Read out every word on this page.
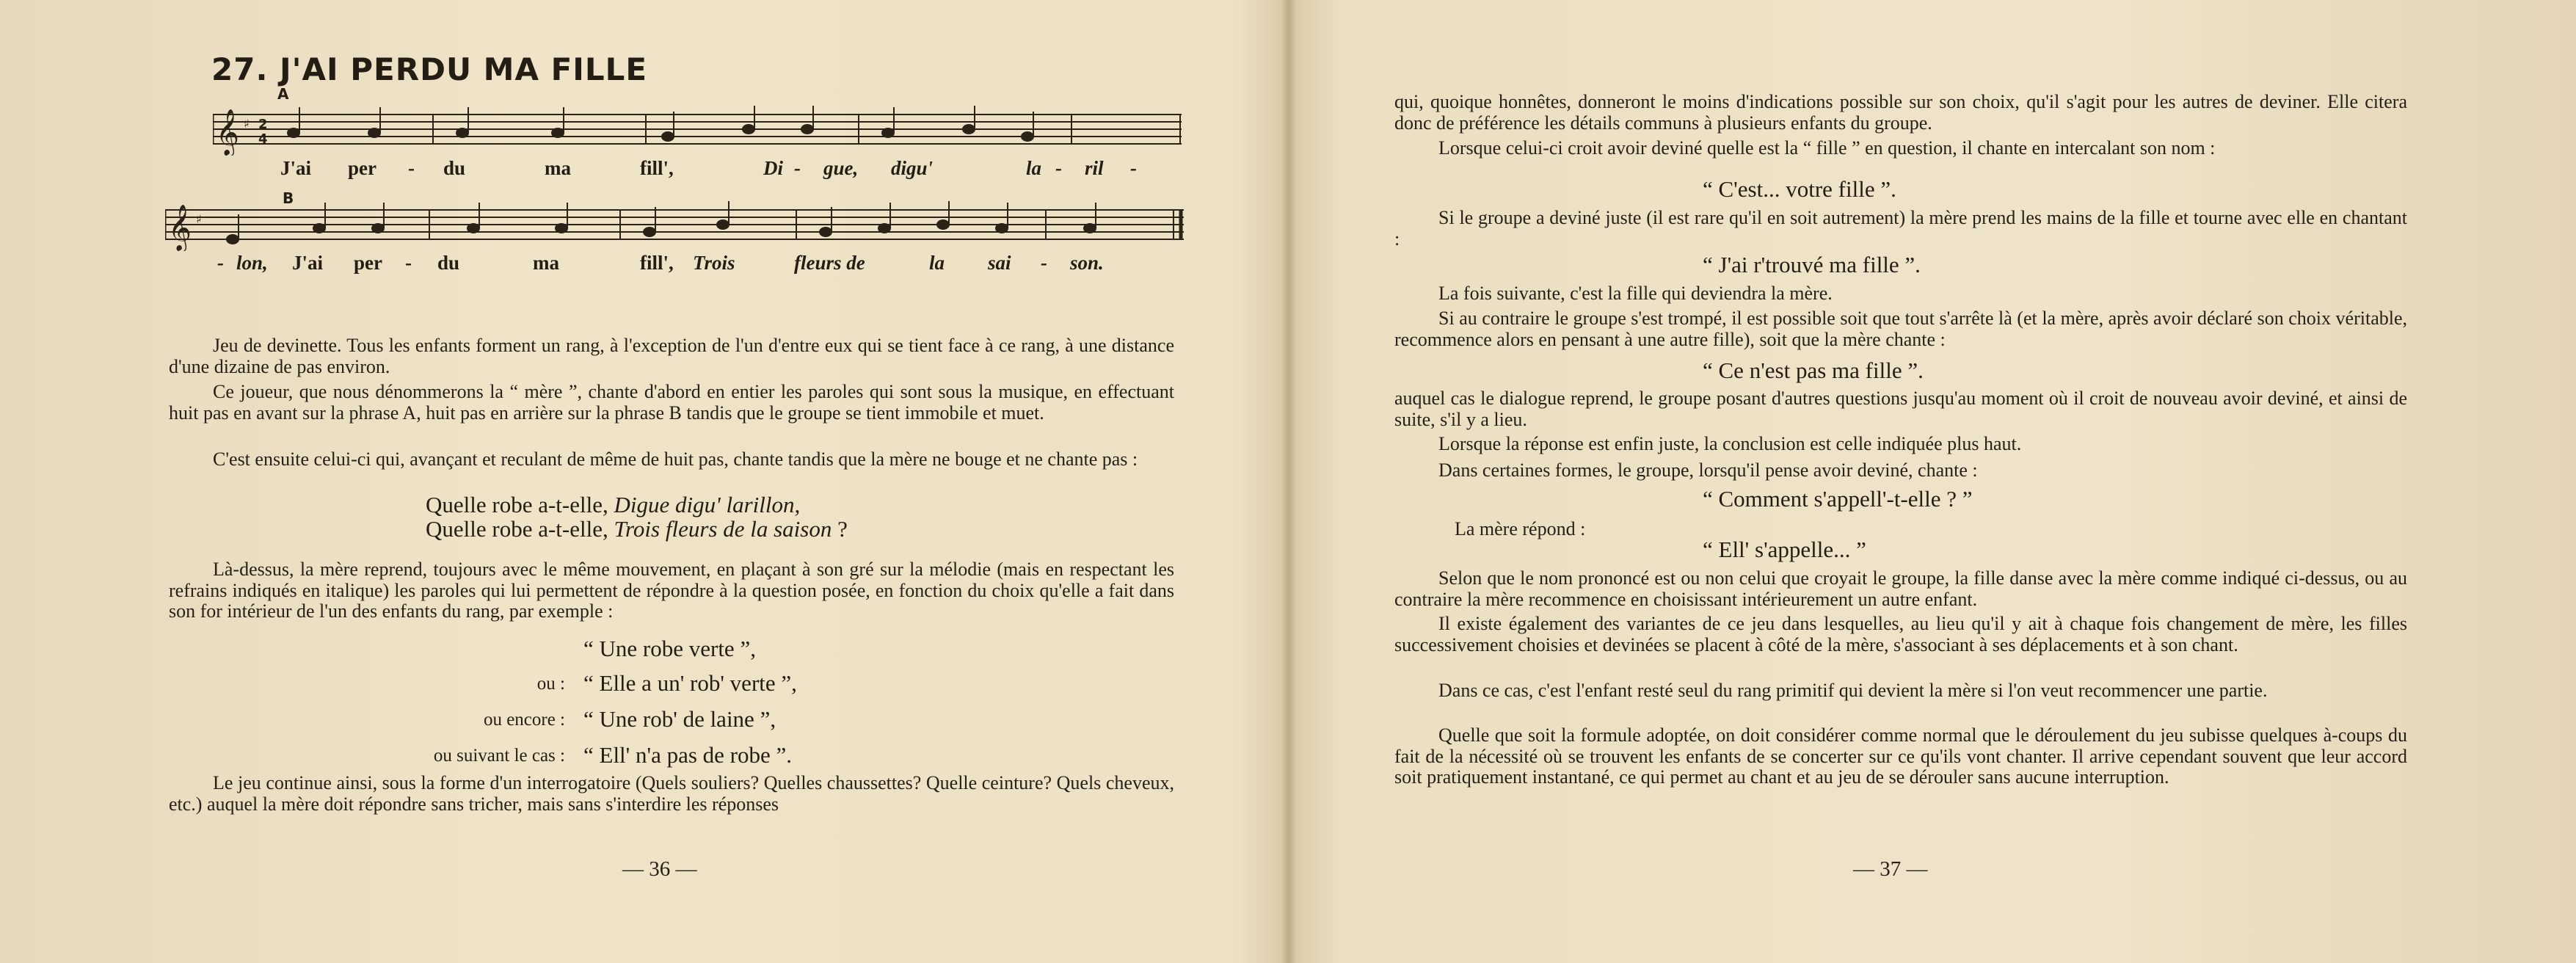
27. J'AI PERDU MA FILLE
𝄞 ♯ 2
4
A
J'ai per - du	ma	fill',	Di - gue, digu'	la - ril -
𝄞 ♯
B
- lon, J'ai per - du	ma	fill', Trois	fleurs de	la sai - son.
Jeu de devinette. Tous les enfants forment un rang, à l'exception de l'un d'entre eux qui se tient face à ce rang, à une distance d'une dizaine de pas environ.
Ce joueur, que nous dénommerons la “ mère ”, chante d'abord en entier les paroles qui sont sous la musique, en effectuant huit pas en avant sur la phrase A, huit pas en arrière sur la phrase B tandis que le groupe se tient immobile et muet.
C'est ensuite celui-ci qui, avançant et reculant de même de huit pas, chante tandis que la mère ne bouge et ne chante pas :
Quelle robe a-t-elle, Digue digu' larillon,
Quelle robe a-t-elle, Trois fleurs de la saison ?
Là-dessus, la mère reprend, toujours avec le même mouvement, en plaçant à son gré sur la mélodie (mais en respectant les refrains indiqués en italique) les paroles qui lui permettent de répondre à la question posée, en fonction du choix qu'elle a fait dans son for intérieur de l'un des enfants du rang, par exemple :
“ Une robe verte ”,
ou : “ Elle a un' rob' verte ”,
ou encore : “ Une rob' de laine ”,
ou suivant le cas : “ Ell' n'a pas de robe ”.
Le jeu continue ainsi, sous la forme d'un interrogatoire (Quels souliers? Quelles chaussettes? Quelle ceinture? Quels cheveux, etc.) auquel la mère doit répondre sans tricher, mais sans s'interdire les réponses
— 36 —
qui, quoique honnêtes, donneront le moins d'indications possible sur son choix, qu'il s'agit pour les autres de deviner. Elle citera donc de préférence les détails communs à plusieurs enfants du groupe.
Lorsque celui-ci croit avoir deviné quelle est la “ fille ” en question, il chante en intercalant son nom :
“ C'est... votre fille ”.
Si le groupe a deviné juste (il est rare qu'il en soit autrement) la mère prend les mains de la fille et tourne avec elle en chantant :
“ J'ai r'trouvé ma fille ”.
La fois suivante, c'est la fille qui deviendra la mère.
Si au contraire le groupe s'est trompé, il est possible soit que tout s'arrête là (et la mère, après avoir déclaré son choix véritable, recommence alors en pensant à une autre fille), soit que la mère chante :
“ Ce n'est pas ma fille ”.
auquel cas le dialogue reprend, le groupe posant d'autres questions jusqu'au moment où il croit de nouveau avoir deviné, et ainsi de suite, s'il y a lieu.
Lorsque la réponse est enfin juste, la conclusion est celle indiquée plus haut.
Dans certaines formes, le groupe, lorsqu'il pense avoir deviné, chante :
“ Comment s'appell'-t-elle ? ”
La mère répond :
“ Ell' s'appelle... ”
Selon que le nom prononcé est ou non celui que croyait le groupe, la fille danse avec la mère comme indiqué ci-dessus, ou au contraire la mère recommence en choisissant intérieurement un autre enfant.
Il existe également des variantes de ce jeu dans lesquelles, au lieu qu'il y ait à chaque fois changement de mère, les filles successivement choisies et devinées se placent à côté de la mère, s'associant à ses déplacements et à son chant.
Dans ce cas, c'est l'enfant resté seul du rang primitif qui devient la mère si l'on veut recommencer une partie.
Quelle que soit la formule adoptée, on doit considérer comme normal que le déroulement du jeu subisse quelques à-coups du fait de la nécessité où se trouvent les enfants de se concerter sur ce qu'ils vont chanter. Il arrive cependant souvent que leur accord soit pratiquement instantané, ce qui permet au chant et au jeu de se dérouler sans aucune interruption.
— 37 —
